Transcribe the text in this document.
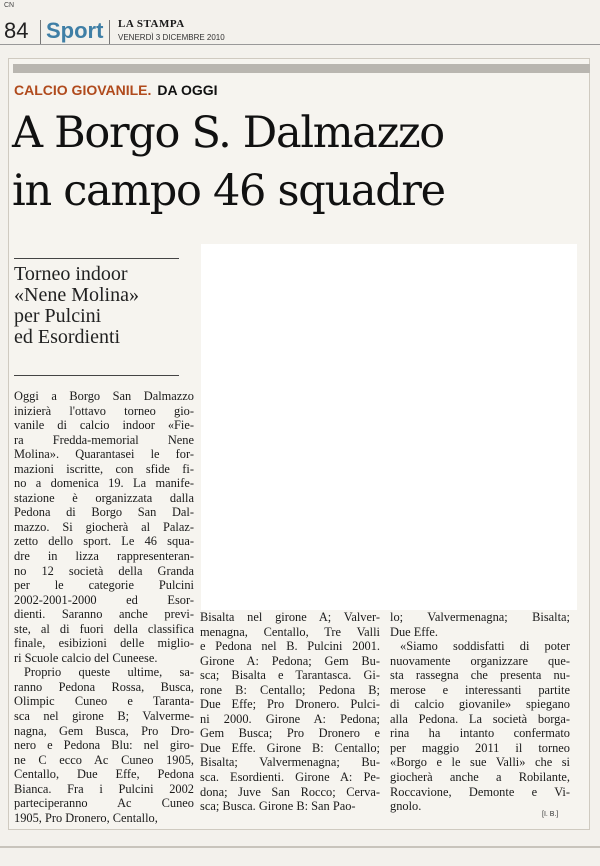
CN
84 Sport LA STAMPA
VENERDÌ 3 DICEMBRE 2010
CALCIO GIOVANILE. DA OGGI
A Borgo S. Dalmazzo
in campo 46 squadre
Torneo indoor
«Nene Molina»
per Pulcini
ed Esordienti
Oggi a Borgo San Dalmazzo
inizierà l'ottavo torneo gio-
vanile di calcio indoor «Fie-
ra Fredda-memorial Nene
Molina». Quarantasei le for-
mazioni iscritte, con sfide fi-
no a domenica 19. La manife-
stazione è organizzata dalla
Pedona di Borgo San Dal-
mazzo. Si giocherà al Palaz-
zetto dello sport. Le 46 squa-
dre in lizza rappresenteran-
no 12 società della Granda
per le categorie Pulcini
2002-2001-2000 ed Esor-
dienti. Saranno anche previ-
ste, al di fuori della classifica
finale, esibizioni delle miglio-
ri Scuole calcio del Cuneese.
Proprio queste ultime, sa-
ranno Pedona Rossa, Busca,
Olimpic Cuneo e Taranta-
sca nel girone B; Valverme-
nagna, Gem Busca, Pro Dro-
nero e Pedona Blu: nel giro-
ne C ecco Ac Cuneo 1905,
Centallo, Due Effe, Pedona
Bianca. Fra i Pulcini 2002
parteciperanno Ac Cuneo
1905, Pro Dronero, Centallo,
Bisalta nel girone A; Valver-
menagna, Centallo, Tre Valli
e Pedona nel B. Pulcini 2001.
Girone A: Pedona; Gem Bu-
sca; Bisalta e Tarantasca. Gi-
rone B: Centallo; Pedona B;
Due Effe; Pro Dronero. Pulci-
ni 2000. Girone A: Pedona;
Gem Busca; Pro Dronero e
Due Effe. Girone B: Centallo;
Bisalta; Valvermenagna; Bu-
sca. Esordienti. Girone A: Pe-
dona; Juve San Rocco; Cerva-
sca; Busca. Girone B: San Pao-
lo; Valvermenagna; Bisalta;
Due Effe.
«Siamo soddisfatti di poter
nuovamente organizzare que-
sta rassegna che presenta nu-
merose e interessanti partite
di calcio giovanile» spiegano
alla Pedona. La società borga-
rina ha intanto confermato
per maggio 2011 il torneo
«Borgo e le sue Valli» che si
giocherà anche a Robilante,
Roccavione, Demonte e Vi-
gnolo.
[I. B.]
